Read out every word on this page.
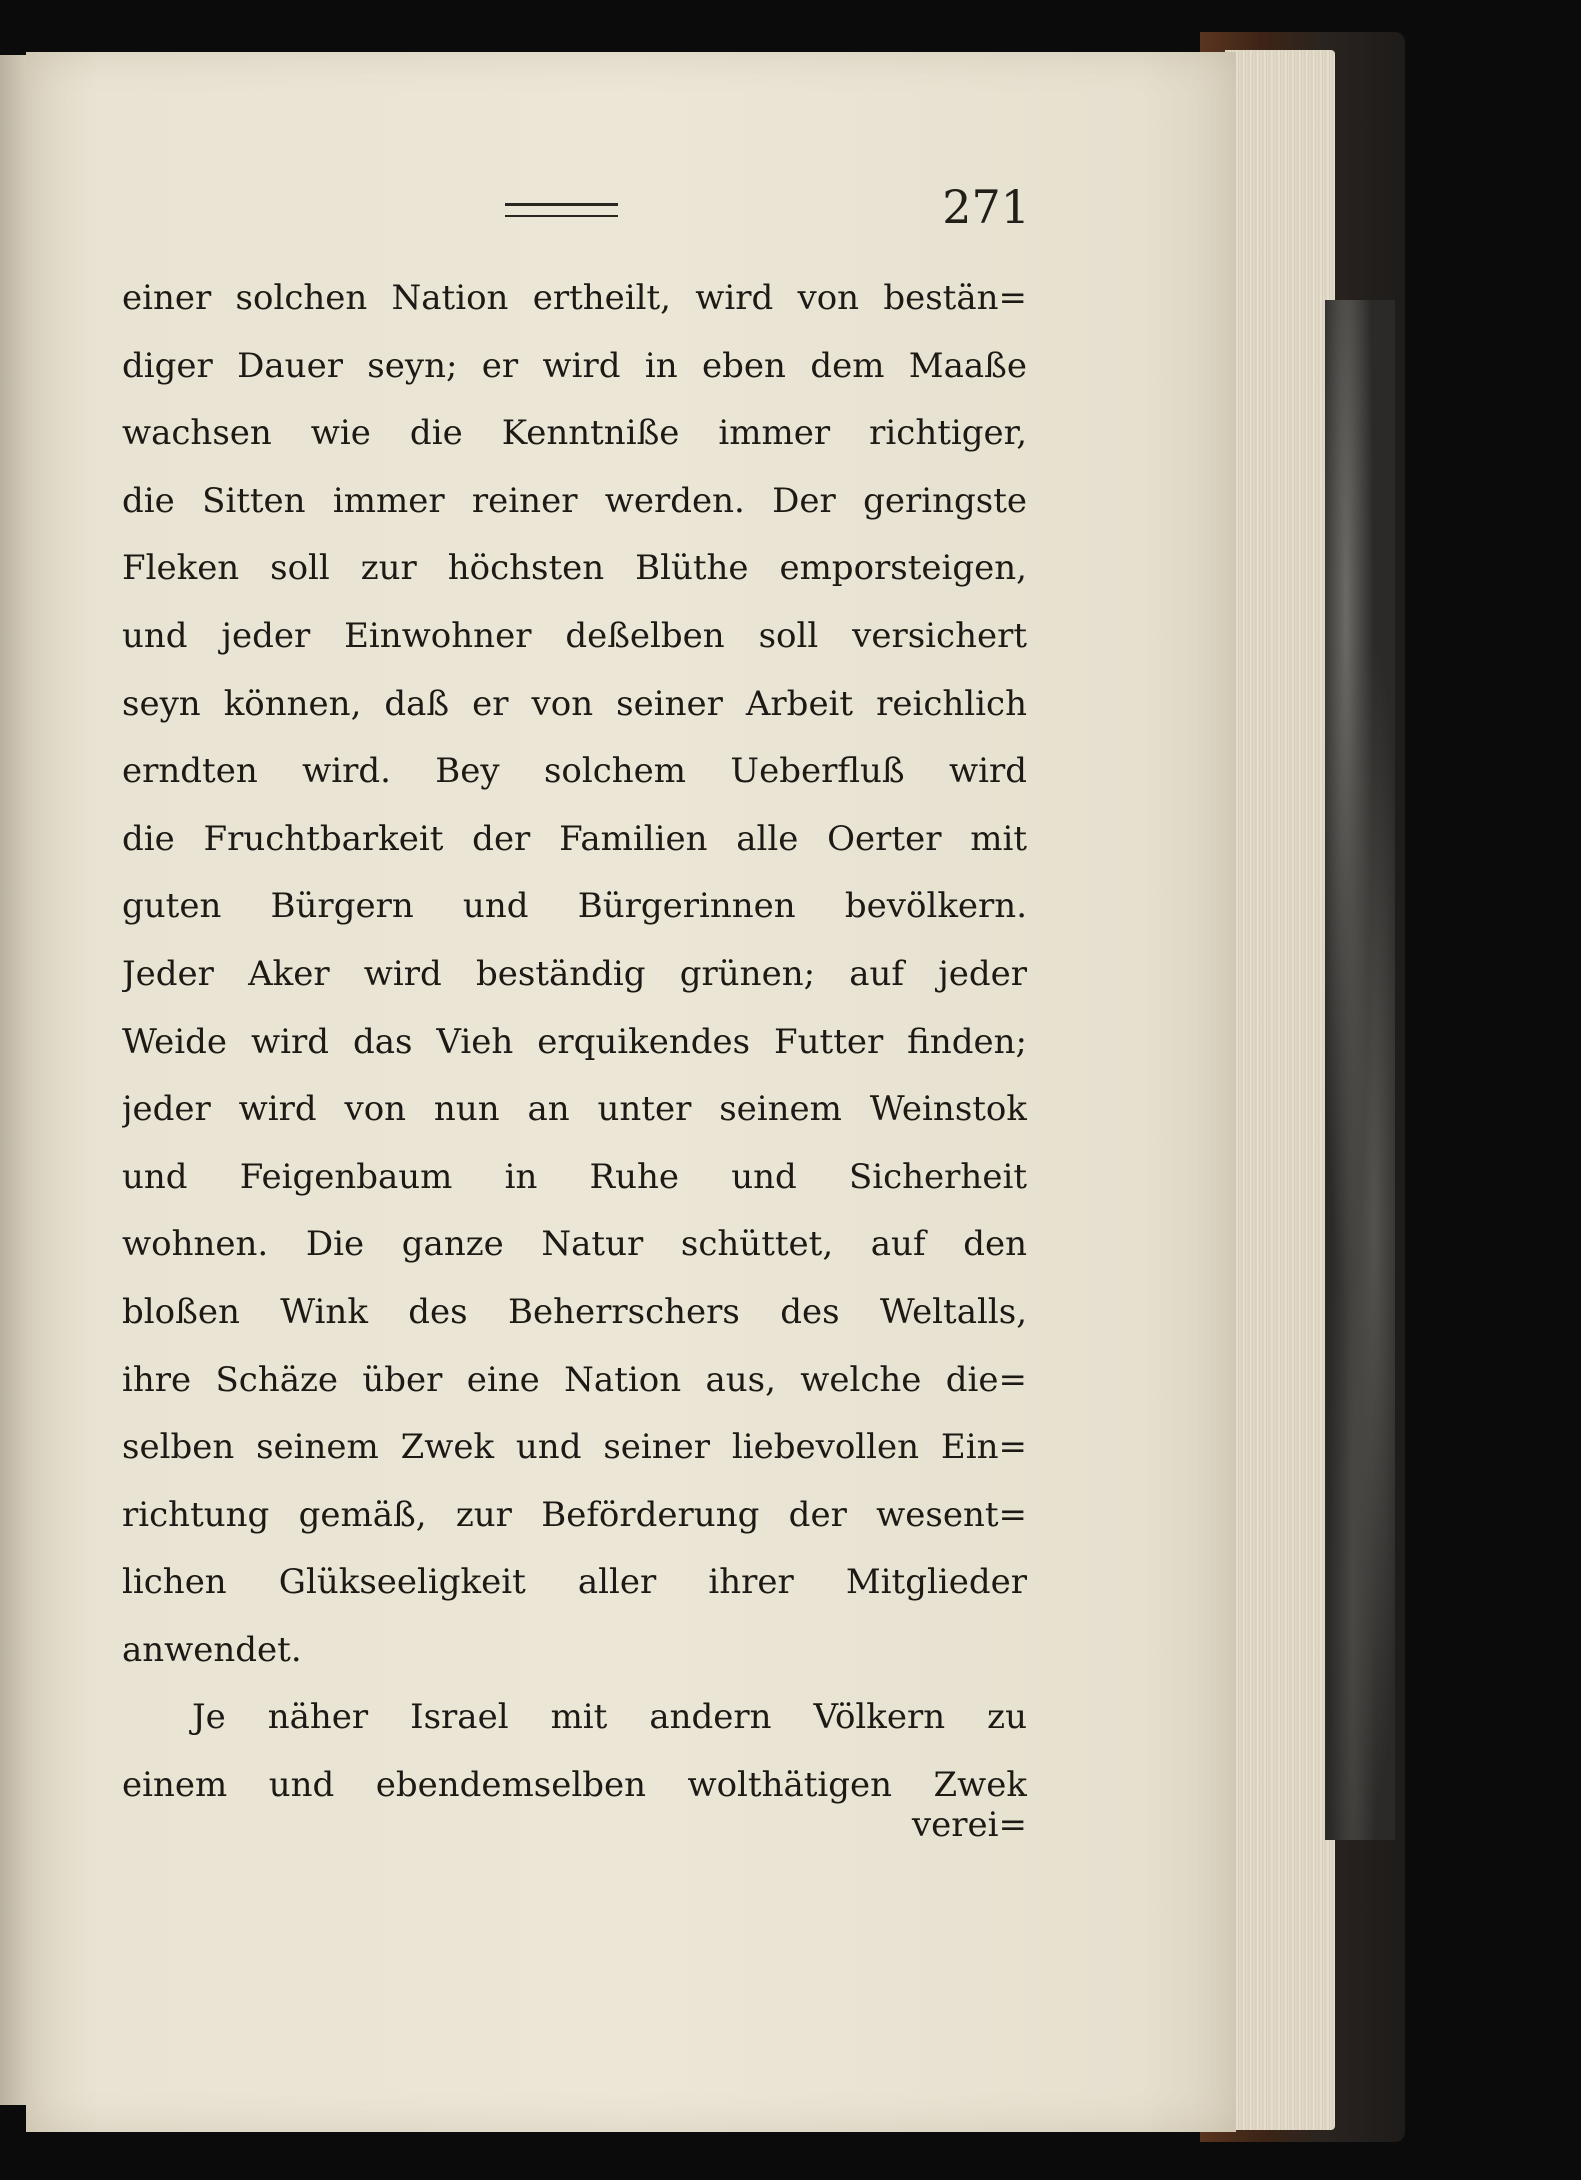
271
einer solchen Nation ertheilt, wird von bestän=
diger Dauer seyn; er wird in eben dem Maaße
wachsen wie die Kenntniße immer richtiger,
die Sitten immer reiner werden. Der geringste
Fleken soll zur höchsten Blüthe emporsteigen,
und jeder Einwohner deßelben soll versichert
seyn können, daß er von seiner Arbeit reichlich
erndten wird. Bey solchem Ueberfluß wird
die Fruchtbarkeit der Familien alle Oerter mit
guten Bürgern und Bürgerinnen bevölkern.
Jeder Aker wird beständig grünen; auf jeder
Weide wird das Vieh erquikendes Futter finden;
jeder wird von nun an unter seinem Weinstok
und Feigenbaum in Ruhe und Sicherheit
wohnen. Die ganze Natur schüttet, auf den
bloßen Wink des Beherrschers des Weltalls,
ihre Schäze über eine Nation aus, welche die=
selben seinem Zwek und seiner liebevollen Ein=
richtung gemäß, zur Beförderung der wesent=
lichen Glükseeligkeit aller ihrer Mitglieder
anwendet.
Je näher Israel mit andern Völkern zu
einem und ebendemselben wolthätigen Zwek
verei=
